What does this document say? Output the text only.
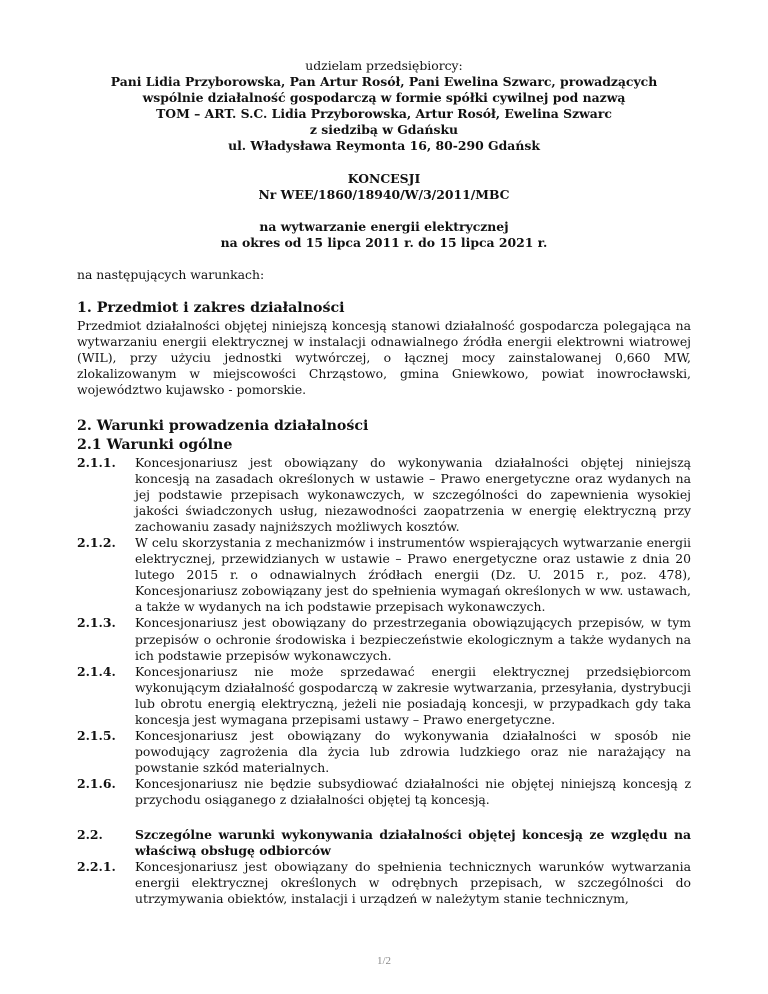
udzielam przedsiębiorcy:
Pani Lidia Przyborowska, Pan Artur Rosół, Pani Ewelina Szwarc, prowadzących
wspólnie działalność gospodarczą w formie spółki cywilnej pod nazwą
TOM – ART. S.C. Lidia Przyborowska, Artur Rosół, Ewelina Szwarc
z siedzibą w Gdańsku
ul. Władysława Reymonta 16, 80-290 Gdańsk
KONCESJI
Nr WEE/1860/18940/W/3/2011/MBC
na wytwarzanie energii elektrycznej
na okres od 15 lipca 2011 r. do 15 lipca 2021 r.
na następujących warunkach:
1. Przedmiot i zakres działalności
Przedmiot działalności objętej niniejszą koncesją stanowi działalność gospodarcza polegająca na wytwarzaniu energii elektrycznej w instalacji odnawialnego źródła energii elektrowni wiatrowej (WIL), przy użyciu jednostki wytwórczej, o łącznej mocy zainstalowanej 0,660 MW, zlokalizowanym w miejscowości Chrząstowo, gmina Gniewkowo, powiat inowrocławski, województwo kujawsko - pomorskie.
2. Warunki prowadzenia działalności
2.1 Warunki ogólne
2.1.1.	Koncesjonariusz jest obowiązany do wykonywania działalności objętej niniejszą koncesją na zasadach określonych w ustawie – Prawo energetyczne oraz wydanych na jej podstawie przepisach wykonawczych, w szczególności do zapewnienia wysokiej jakości świadczonych usług, niezawodności zaopatrzenia w energię elektryczną przy zachowaniu zasady najniższych możliwych kosztów.
2.1.2.	W celu skorzystania z mechanizmów i instrumentów wspierających wytwarzanie energii elektrycznej, przewidzianych w ustawie – Prawo energetyczne oraz ustawie z dnia 20 lutego 2015 r. o odnawialnych źródłach energii (Dz. U. 2015 r., poz. 478), Koncesjonariusz zobowiązany jest do spełnienia wymagań określonych w ww. ustawach, a także w wydanych na ich podstawie przepisach wykonawczych.
2.1.3.	Koncesjonariusz jest obowiązany do przestrzegania obowiązujących przepisów, w tym przepisów o ochronie środowiska i bezpieczeństwie ekologicznym a także wydanych na ich podstawie przepisów wykonawczych.
2.1.4.	Koncesjonariusz nie może sprzedawać energii elektrycznej przedsiębiorcom wykonującym działalność gospodarczą w zakresie wytwarzania, przesyłania, dystrybucji lub obrotu energią elektryczną, jeżeli nie posiadają koncesji, w przypadkach gdy taka koncesja jest wymagana przepisami ustawy – Prawo energetyczne.
2.1.5.	Koncesjonariusz jest obowiązany do wykonywania działalności w sposób nie powodujący zagrożenia dla życia lub zdrowia ludzkiego oraz nie narażający na powstanie szkód materialnych.
2.1.6.	Koncesjonariusz nie będzie subsydiować działalności nie objętej niniejszą koncesją z przychodu osiąganego z działalności objętej tą koncesją.
2.2.	Szczególne warunki wykonywania działalności objętej koncesją ze względu na właściwą obsługę odbiorców
2.2.1.	Koncesjonariusz jest obowiązany do spełnienia technicznych warunków wytwarzania energii elektrycznej określonych w odrębnych przepisach, w szczególności do utrzymywania obiektów, instalacji i urządzeń w należytym stanie technicznym,
1/2
